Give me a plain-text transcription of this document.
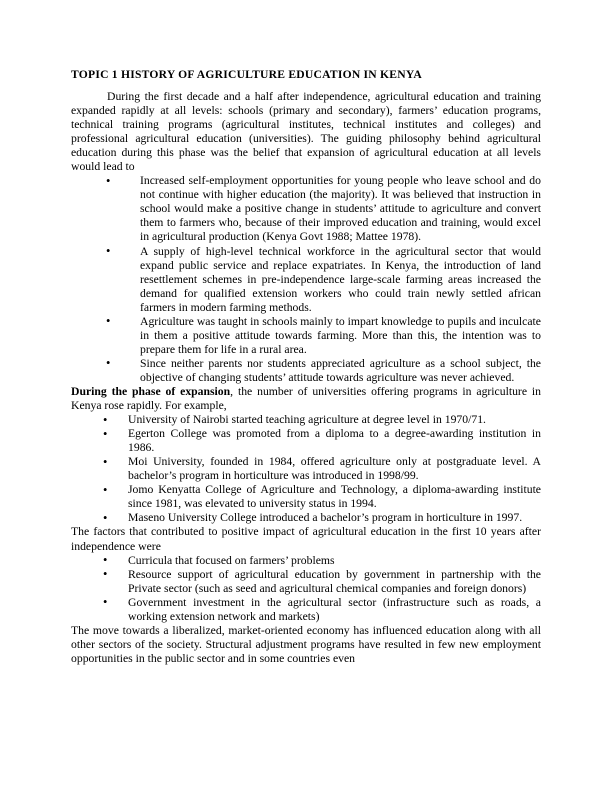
TOPIC 1 HISTORY OF AGRICULTURE EDUCATION IN KENYA

During the first decade and a half after independence, agricultural education and training expanded rapidly at all levels: schools (primary and secondary), farmers’ education programs, technical training programs (agricultural institutes, technical institutes and colleges) and professional agricultural education (universities). The guiding philosophy behind agricultural education during this phase was the belief that expansion of agricultural education at all levels would lead to

• Increased self-employment opportunities for young people who leave school and do not continue with higher education (the majority). It was believed that instruction in school would make a positive change in students’ attitude to agriculture and convert them to farmers who, because of their improved education and training, would excel in agricultural production (Kenya Govt 1988; Mattee 1978).
• A supply of high-level technical workforce in the agricultural sector that would expand public service and replace expatriates. In Kenya, the introduction of land resettlement schemes in pre-independence large-scale farming areas increased the demand for qualified extension workers who could train newly settled african farmers in modern farming methods.
• Agriculture was taught in schools mainly to impart knowledge to pupils and inculcate in them a positive attitude towards farming. More than this, the intention was to prepare them for life in a rural area.
• Since neither parents nor students appreciated agriculture as a school subject, the objective of changing students’ attitude towards agriculture was never achieved.

During the phase of expansion, the number of universities offering programs in agriculture in Kenya rose rapidly. For example,

• University of Nairobi started teaching agriculture at degree level in 1970/71.
• Egerton College was promoted from a diploma to a degree-awarding institution in 1986.
• Moi University, founded in 1984, offered agriculture only at postgraduate level. A bachelor’s program in horticulture was introduced in 1998/99.
• Jomo Kenyatta College of Agriculture and Technology, a diploma-awarding institute since 1981, was elevated to university status in 1994.
• Maseno University College introduced a bachelor’s program in horticulture in 1997.

The factors that contributed to positive impact of agricultural education in the first 10 years after independence were

• Curricula that focused on farmers’ problems
• Resource support of agricultural education by government in partnership with the Private sector (such as seed and agricultural chemical companies and foreign donors)
• Government investment in the agricultural sector (infrastructure such as roads, a working extension network and markets)

The move towards a liberalized, market-oriented economy has influenced education along with all other sectors of the society. Structural adjustment programs have resulted in few new employment opportunities in the public sector and in some countries even
